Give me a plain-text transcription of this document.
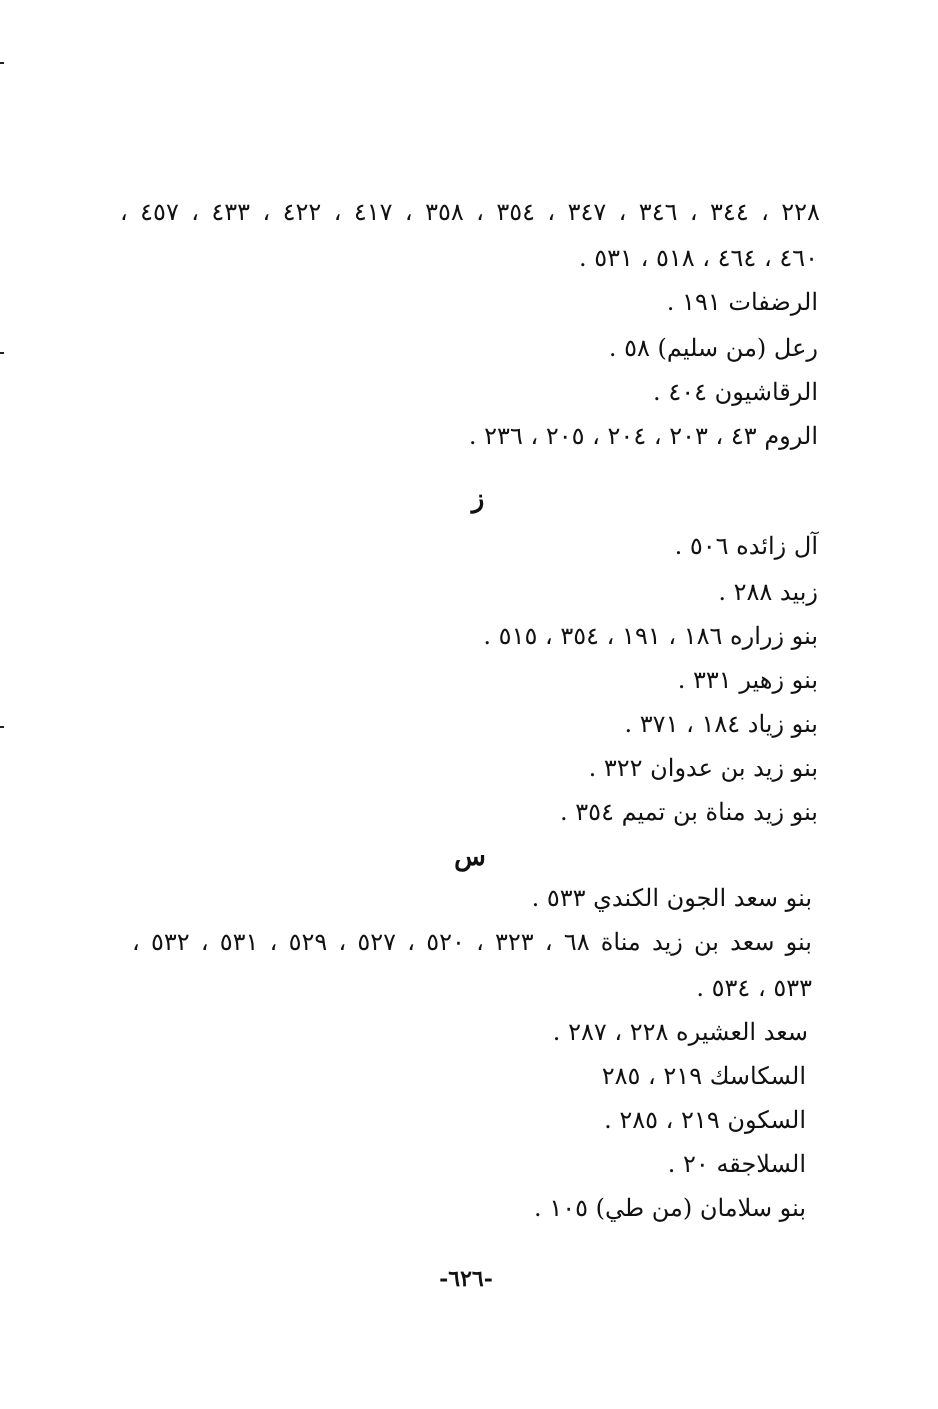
٢٢٨ ، ٣٤٤ ، ٣٤٦ ، ٣٤٧ ، ٣٥٤ ، ٣٥٨ ، ٤١٧ ، ٤٢٢ ، ٤٣٣ ، ٤٥٧ ،
٤٦٠ ، ٤٦٤ ، ٥١٨ ، ٥٣١ .
الرضفات ١٩١ .
رعل (من سليم) ٥٨ .
الرقاشيون ٤٠٤ .
الروم ٤٣ ، ٢٠٣ ، ٢٠٤ ، ٢٠٥ ، ٢٣٦ .
ز
آل زائده ٥٠٦ .
زبيد ٢٨٨ .
بنو زراره ١٨٦ ، ١٩١ ، ٣٥٤ ، ٥١٥ .
بنو زهير ٣٣١ .
بنو زياد ١٨٤ ، ٣٧١ .
بنو زيد بن عدوان ٣٢٢ .
بنو زيد مناة بن تميم ٣٥٤ .
س
بنو سعد الجون الكندي ٥٣٣ .
بنو سعد بن زيد مناة ٦٨ ، ٣٢٣ ، ٥٢٠ ، ٥٢٧ ، ٥٢٩ ، ٥٣١ ، ٥٣٢ ،
٥٣٣ ، ٥٣٤ .
سعد العشيره ٢٢٨ ، ٢٨٧ .
السكاسك ٢١٩ ، ٢٨٥
السكون ٢١٩ ، ٢٨٥ .
السلاجقه ٢٠ .
بنو سلامان (من طي) ١٠٥ .
-٦٢٦-
